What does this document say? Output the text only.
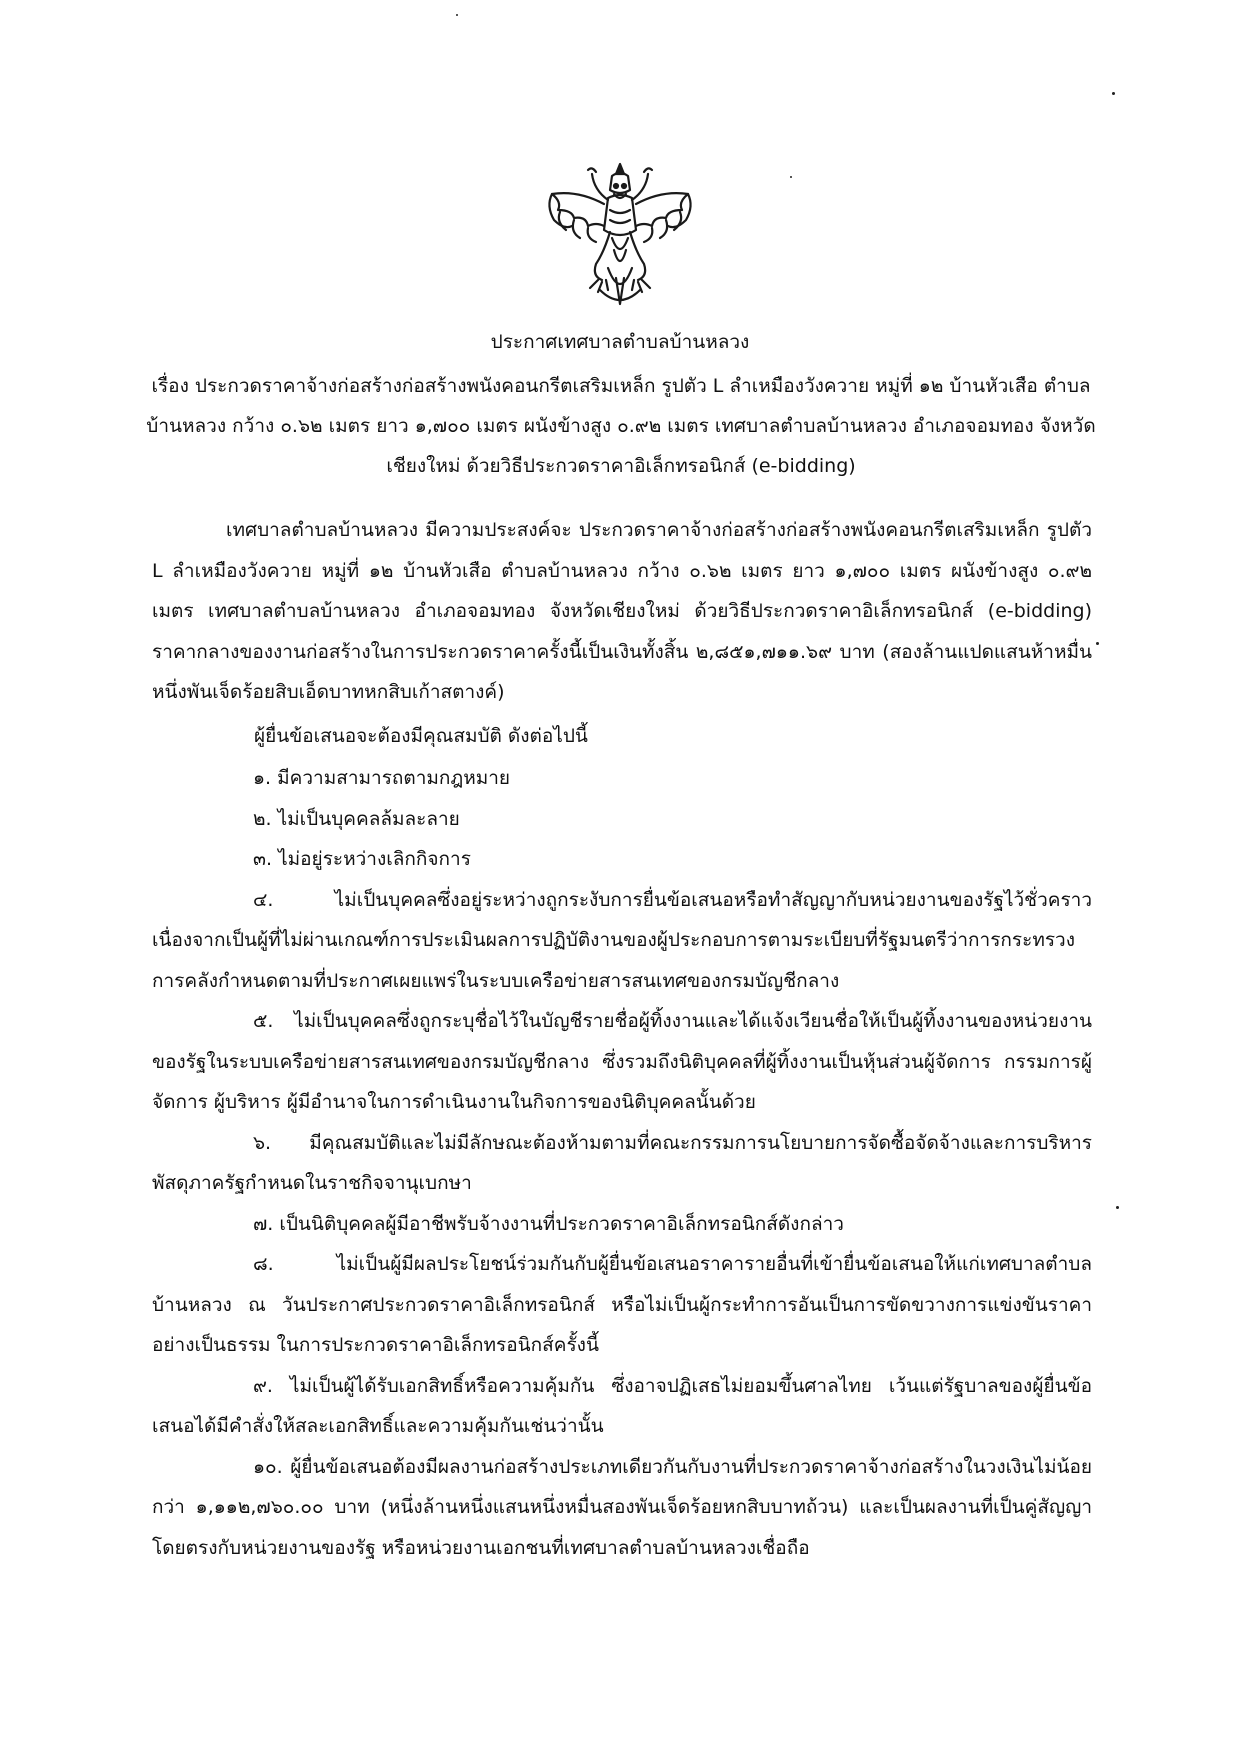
ประกาศเทศบาลตำบลบ้านหลวง
เรื่อง ประกวดราคาจ้างก่อสร้างก่อสร้างพนังคอนกรีตเสริมเหล็ก รูปตัว L ลำเหมืองวังควาย หมู่ที่ ๑๒ บ้านหัวเสือ ตำบลบ้านหลวง กว้าง ๐.๖๒ เมตร ยาว ๑,๗๐๐ เมตร ผนังข้างสูง ๐.๙๒ เมตร เทศบาลตำบลบ้านหลวง อำเภอจอมทอง จังหวัดเชียงใหม่ ด้วยวิธีประกวดราคาอิเล็กทรอนิกส์ (e-bidding)

เทศบาลตำบลบ้านหลวง มีความประสงค์จะ ประกวดราคาจ้างก่อสร้างก่อสร้างพนังคอนกรีตเสริมเหล็ก รูปตัว L ลำเหมืองวังควาย หมู่ที่ ๑๒ บ้านหัวเสือ ตำบลบ้านหลวง กว้าง ๐.๖๒ เมตร ยาว ๑,๗๐๐ เมตร ผนังข้างสูง ๐.๙๒ เมตร เทศบาลตำบลบ้านหลวง อำเภอจอมทอง จังหวัดเชียงใหม่ ด้วยวิธีประกวดราคาอิเล็กทรอนิกส์ (e-bidding) ราคากลางของงานก่อสร้างในการประกวดราคาครั้งนี้เป็นเงินทั้งสิ้น ๒,๘๕๑,๗๑๑.๖๙ บาท (สองล้านแปดแสนห้าหมื่นหนึ่งพันเจ็ดร้อยสิบเอ็ดบาทหกสิบเก้าสตางค์)

ผู้ยื่นข้อเสนอจะต้องมีคุณสมบัติ ดังต่อไปนี้

๑. มีความสามารถตามกฎหมาย

๒. ไม่เป็นบุคคลล้มละลาย

๓. ไม่อยู่ระหว่างเลิกกิจการ

๔. ไม่เป็นบุคคลซึ่งอยู่ระหว่างถูกระงับการยื่นข้อเสนอหรือทำสัญญากับหน่วยงานของรัฐไว้ชั่วคราว เนื่องจากเป็นผู้ที่ไม่ผ่านเกณฑ์การประเมินผลการปฏิบัติงานของผู้ประกอบการตามระเบียบที่รัฐมนตรีว่าการกระทรวงการคลังกำหนดตามที่ประกาศเผยแพร่ในระบบเครือข่ายสารสนเทศของกรมบัญชีกลาง

๕. ไม่เป็นบุคคลซึ่งถูกระบุชื่อไว้ในบัญชีรายชื่อผู้ทิ้งงานและได้แจ้งเวียนชื่อให้เป็นผู้ทิ้งงานของหน่วยงานของรัฐในระบบเครือข่ายสารสนเทศของกรมบัญชีกลาง ซึ่งรวมถึงนิติบุคคลที่ผู้ทิ้งงานเป็นหุ้นส่วนผู้จัดการ กรรมการผู้จัดการ ผู้บริหาร ผู้มีอำนาจในการดำเนินงานในกิจการของนิติบุคคลนั้นด้วย

๖. มีคุณสมบัติและไม่มีลักษณะต้องห้ามตามที่คณะกรรมการนโยบายการจัดซื้อจัดจ้างและการบริหารพัสดุภาครัฐกำหนดในราชกิจจานุเบกษา

๗. เป็นนิติบุคคลผู้มีอาชีพรับจ้างงานที่ประกวดราคาอิเล็กทรอนิกส์ดังกล่าว

๘. ไม่เป็นผู้มีผลประโยชน์ร่วมกันกับผู้ยื่นข้อเสนอราคารายอื่นที่เข้ายื่นข้อเสนอให้แก่เทศบาลตำบลบ้านหลวง ณ วันประกาศประกวดราคาอิเล็กทรอนิกส์ หรือไม่เป็นผู้กระทำการอันเป็นการขัดขวางการแข่งขันราคาอย่างเป็นธรรม ในการประกวดราคาอิเล็กทรอนิกส์ครั้งนี้

๙. ไม่เป็นผู้ได้รับเอกสิทธิ์หรือความคุ้มกัน ซึ่งอาจปฏิเสธไม่ยอมขึ้นศาลไทย เว้นแต่รัฐบาลของผู้ยื่นข้อเสนอได้มีคำสั่งให้สละเอกสิทธิ์และความคุ้มกันเช่นว่านั้น

๑๐. ผู้ยื่นข้อเสนอต้องมีผลงานก่อสร้างประเภทเดียวกันกับงานที่ประกวดราคาจ้างก่อสร้างในวงเงินไม่น้อยกว่า ๑,๑๑๒,๗๖๐.๐๐ บาท (หนึ่งล้านหนึ่งแสนหนึ่งหมื่นสองพันเจ็ดร้อยหกสิบบาทถ้วน) และเป็นผลงานที่เป็นคู่สัญญาโดยตรงกับหน่วยงานของรัฐ หรือหน่วยงานเอกชนที่เทศบาลตำบลบ้านหลวงเชื่อถือ
